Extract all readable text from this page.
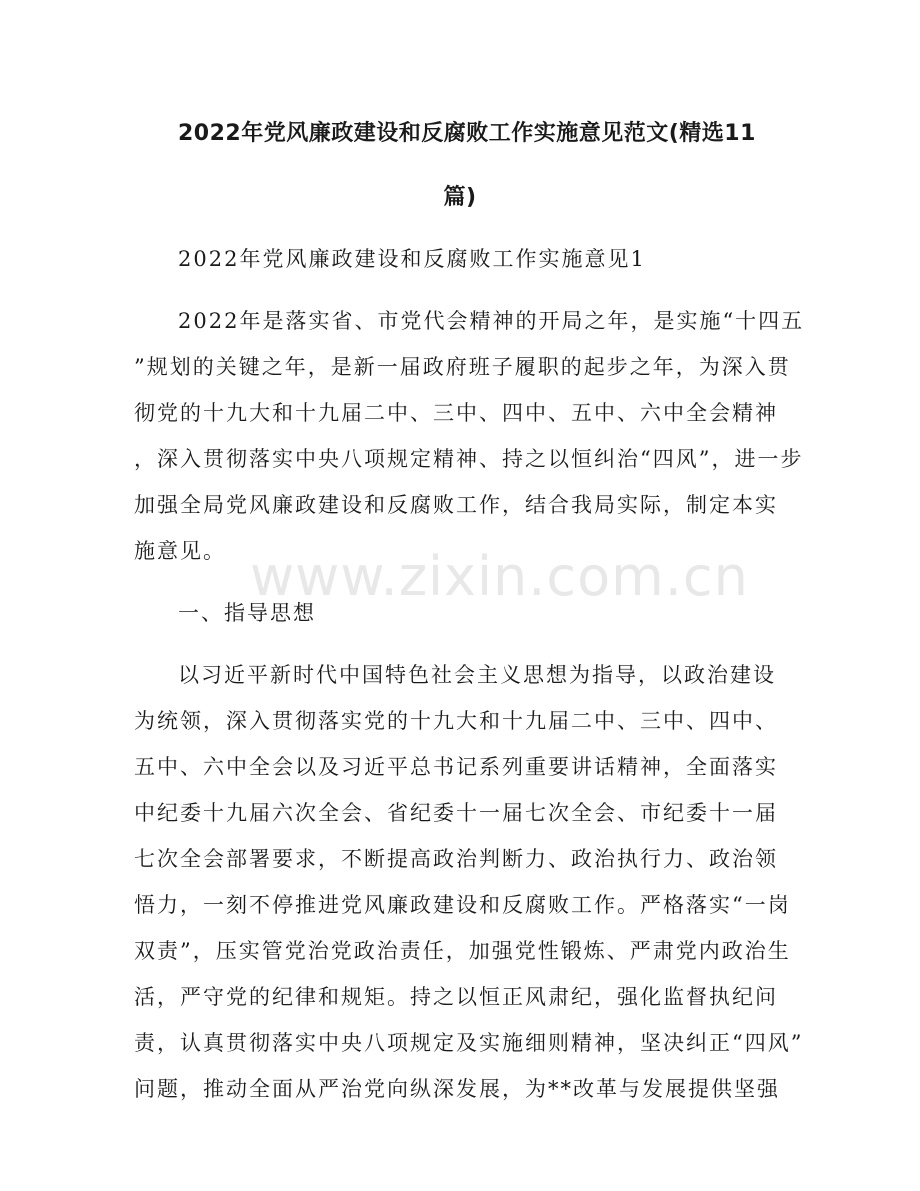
www.zixin.com.cn
2022年党风廉政建设和反腐败工作实施意见范文(精选11
篇)

2022年党风廉政建设和反腐败工作实施意见1

2022年是落实省、市党代会精神的开局之年，是实施“十四五
”规划的关键之年，是新一届政府班子履职的起步之年，为深入贯
彻党的十九大和十九届二中、三中、四中、五中、六中全会精神
，深入贯彻落实中央八项规定精神、持之以恒纠治“四风”，进一步
加强全局党风廉政建设和反腐败工作，结合我局实际，制定本实
施意见。

一、指导思想

以习近平新时代中国特色社会主义思想为指导，以政治建设
为统领，深入贯彻落实党的十九大和十九届二中、三中、四中、
五中、六中全会以及习近平总书记系列重要讲话精神，全面落实
中纪委十九届六次全会、省纪委十一届七次全会、市纪委十一届
七次全会部署要求，不断提高政治判断力、政治执行力、政治领
悟力，一刻不停推进党风廉政建设和反腐败工作。严格落实“一岗
双责”，压实管党治党政治责任，加强党性锻炼、严肃党内政治生
活，严守党的纪律和规矩。持之以恒正风肃纪，强化监督执纪问
责，认真贯彻落实中央八项规定及实施细则精神，坚决纠正“四风”
问题，推动全面从严治党向纵深发展，为**改革与发展提供坚强
